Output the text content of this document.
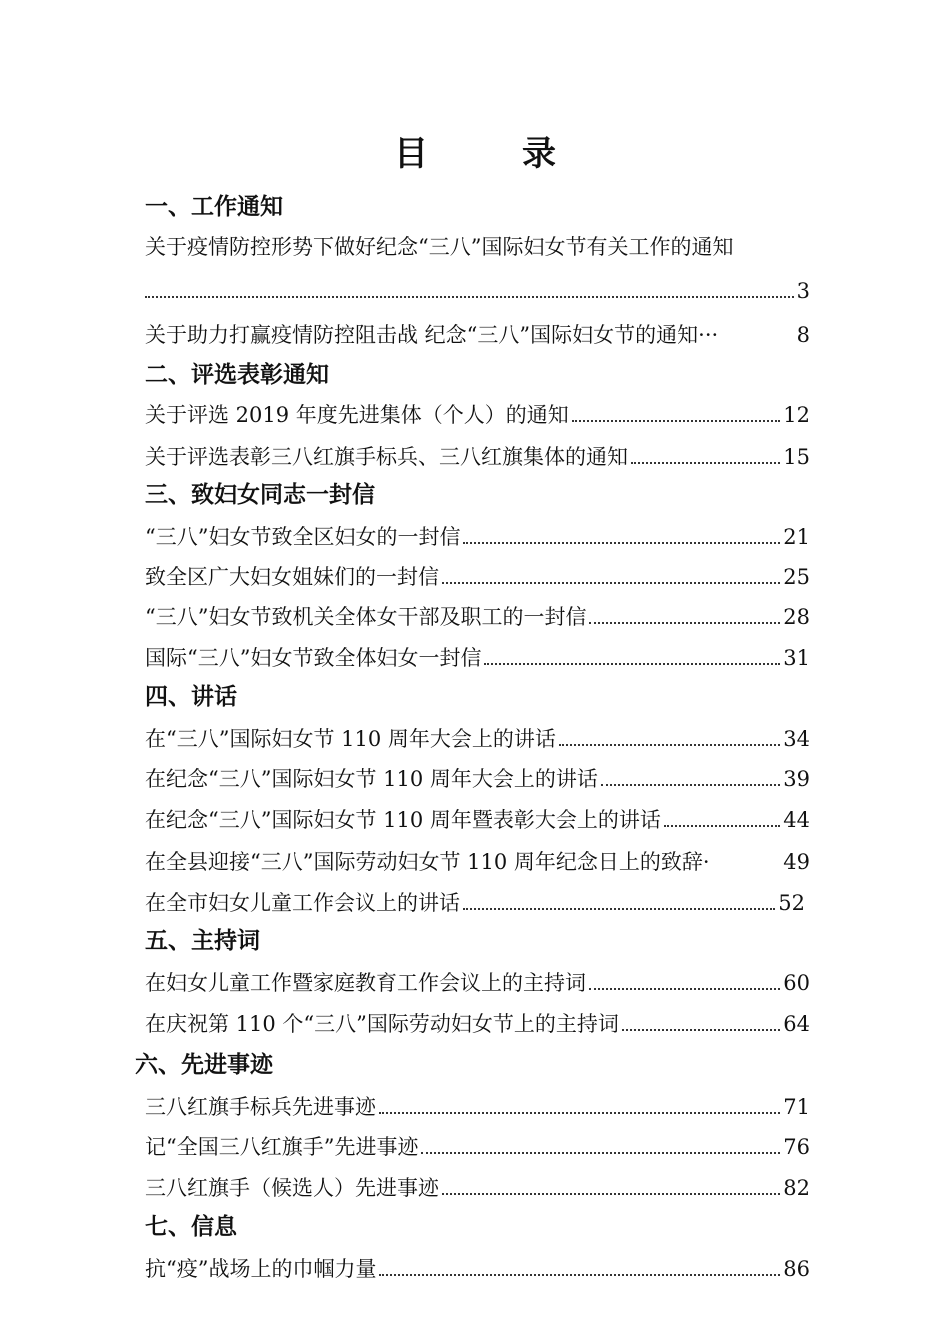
目　录
一、工作通知
关于疫情防控形势下做好纪念“三八”国际妇女节有关工作的通知
3
关于助力打赢疫情防控阻击战 纪念“三八”国际妇女节的通知···	8
二、评选表彰通知
关于评选 2019 年度先进集体（个人）的通知	12
关于评选表彰三八红旗手标兵、三八红旗集体的通知	15
三、致妇女同志一封信
“三八”妇女节致全区妇女的一封信	21
致全区广大妇女姐妹们的一封信	25
“三八”妇女节致机关全体女干部及职工的一封信	28
国际“三八”妇女节致全体妇女一封信	31
四、讲话
在“三八”国际妇女节 110 周年大会上的讲话	34
在纪念“三八”国际妇女节 110 周年大会上的讲话	39
在纪念“三八”国际妇女节 110 周年暨表彰大会上的讲话	44
在全县迎接“三八”国际劳动妇女节 110 周年纪念日上的致辞·	49
在全市妇女儿童工作会议上的讲话	52
五、主持词
在妇女儿童工作暨家庭教育工作会议上的主持词	60
在庆祝第 110 个“三八”国际劳动妇女节上的主持词	64
六、先进事迹
三八红旗手标兵先进事迹	71
记“全国三八红旗手”先进事迹	76
三八红旗手（候选人）先进事迹	82
七、信息
抗“疫”战场上的巾帼力量	86
